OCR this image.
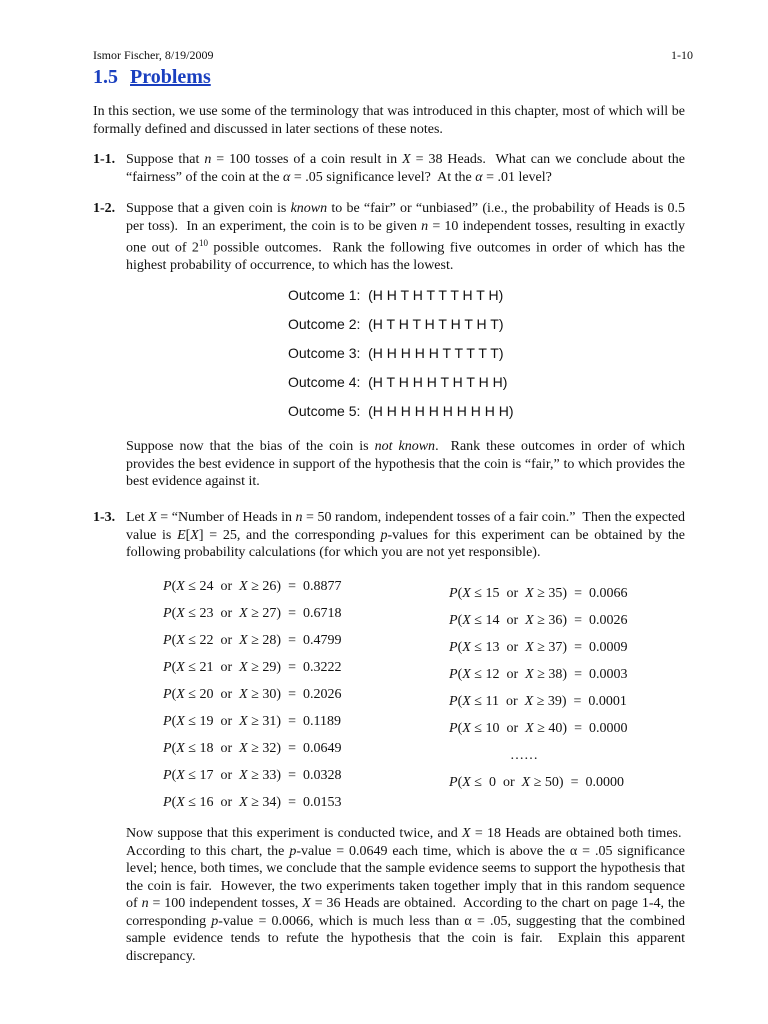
Ismor Fischer, 8/19/2009	1-10
1.5 Problems
In this section, we use some of the terminology that was introduced in this chapter, most of which will be formally defined and discussed in later sections of these notes.
1-1. Suppose that n = 100 tosses of a coin result in X = 38 Heads.  What can we conclude about the “fairness” of the coin at the α = .05 significance level?  At the α = .01 level?
1-2. Suppose that a given coin is known to be “fair” or “unbiased” (i.e., the probability of Heads is 0.5 per toss).  In an experiment, the coin is to be given n = 10 independent tosses, resulting in exactly one out of $2^{10}$ possible outcomes.  Rank the following five outcomes in order of which has the highest probability of occurrence, to which has the lowest.
Outcome 1:  (H H T H T T T H T H)
Outcome 2:  (H T H T H T H T H T)
Outcome 3:  (H H H H H T T T T T)
Outcome 4:  (H T H H H T H T H H)
Outcome 5:  (H H H H H H H H H H)
Suppose now that the bias of the coin is not known.  Rank these outcomes in order of which provides the best evidence in support of the hypothesis that the coin is “fair,” to which provides the best evidence against it.
1-3. Let X = “Number of Heads in n = 50 random, independent tosses of a fair coin.”  Then the expected value is E[X] = 25, and the corresponding p-values for this experiment can be obtained by the following probability calculations (for which you are not yet responsible).
P(X ≤ 24  or  X ≥ 26)  =  0.8877
P(X ≤ 23  or  X ≥ 27)  =  0.6718
P(X ≤ 22  or  X ≥ 28)  =  0.4799
P(X ≤ 21  or  X ≥ 29)  =  0.3222
P(X ≤ 20  or  X ≥ 30)  =  0.2026
P(X ≤ 19  or  X ≥ 31)  =  0.1189
P(X ≤ 18  or  X ≥ 32)  =  0.0649
P(X ≤ 17  or  X ≥ 33)  =  0.0328
P(X ≤ 16  or  X ≥ 34)  =  0.0153
P(X ≤ 15  or  X ≥ 35)  =  0.0066
P(X ≤ 14  or  X ≥ 36)  =  0.0026
P(X ≤ 13  or  X ≥ 37)  =  0.0009
P(X ≤ 12  or  X ≥ 38)  =  0.0003
P(X ≤ 11  or  X ≥ 39)  =  0.0001
P(X ≤ 10  or  X ≥ 40)  =  0.0000
……
P(X ≤  0  or  X ≥ 50)  =  0.0000
Now suppose that this experiment is conducted twice, and X = 18 Heads are obtained both times.  According to this chart, the p-value = 0.0649 each time, which is above the α = .05 significance level; hence, both times, we conclude that the sample evidence seems to support the hypothesis that the coin is fair.  However, the two experiments taken together imply that in this random sequence of n = 100 independent tosses, X = 36 Heads are obtained.  According to the chart on page 1-4, the corresponding p-value = 0.0066, which is much less than α = .05, suggesting that the combined sample evidence tends to refute the hypothesis that the coin is fair.  Explain this apparent discrepancy.
